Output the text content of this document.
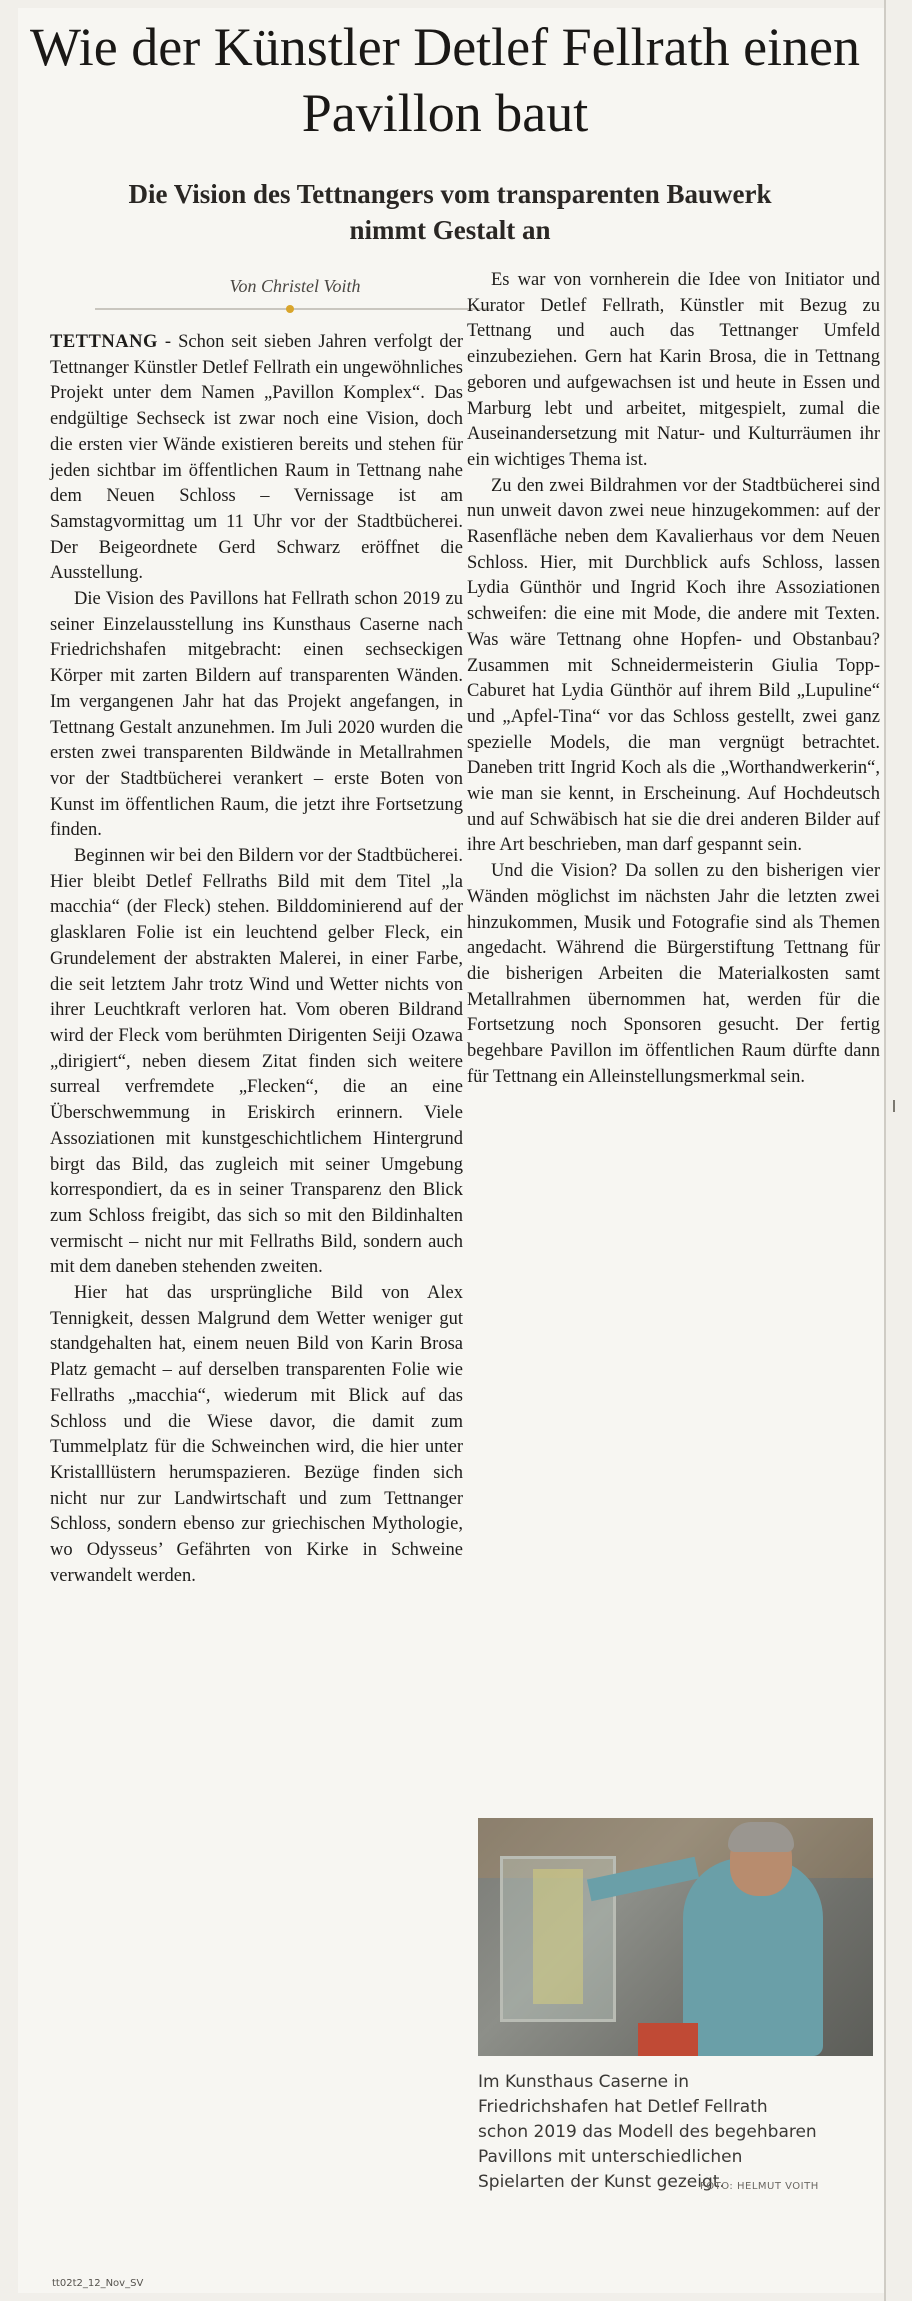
Wie der Künstler Detlef Fellrath einen Pavillon baut
Die Vision des Tettnangers vom transparenten Bauwerk nimmt Gestalt an
Von Christel Voith

TETTNANG - Schon seit sieben Jahren verfolgt der Tettnanger Künstler Detlef Fellrath ein ungewöhnliches Projekt unter dem Namen „Pavillon Komplex“. Das endgültige Sechseck ist zwar noch eine Vision, doch die ersten vier Wände existieren bereits und stehen für jeden sichtbar im öffentlichen Raum in Tettnang nahe dem Neuen Schloss – Vernissage ist am Samstagvormittag um 11 Uhr vor der Stadtbücherei. Der Beigeordnete Gerd Schwarz eröffnet die Ausstellung.

Die Vision des Pavillons hat Fellrath schon 2019 zu seiner Einzelausstellung ins Kunsthaus Caserne nach Friedrichshafen mitgebracht: einen sechseckigen Körper mit zarten Bildern auf transparenten Wänden. Im vergangenen Jahr hat das Projekt angefangen, in Tettnang Gestalt anzunehmen. Im Juli 2020 wurden die ersten zwei transparenten Bildwände in Metallrahmen vor der Stadtbücherei verankert – erste Boten von Kunst im öffentlichen Raum, die jetzt ihre Fortsetzung finden.

Beginnen wir bei den Bildern vor der Stadtbücherei. Hier bleibt Detlef Fellraths Bild mit dem Titel „la macchia“ (der Fleck) stehen. Bilddominierend auf der glasklaren Folie ist ein leuchtend gelber Fleck, ein Grundelement der abstrakten Malerei, in einer Farbe, die seit letztem Jahr trotz Wind und Wetter nichts von ihrer Leuchtkraft verloren hat. Vom oberen Bildrand wird der Fleck vom berühmten Dirigenten Seiji Ozawa „dirigiert“, neben diesem Zitat finden sich weitere surreal verfremdete „Flecken“, die an eine Überschwemmung in Eriskirch erinnern. Viele Assoziationen mit kunstgeschichtlichem Hintergrund birgt das Bild, das zugleich mit seiner Umgebung korrespondiert, da es in seiner Transparenz den Blick zum Schloss freigibt, das sich so mit den Bildinhalten vermischt – nicht nur mit Fellraths Bild, sondern auch mit dem daneben stehenden zweiten.

Hier hat das ursprüngliche Bild von Alex Tennigkeit, dessen Malgrund dem Wetter weniger gut standgehalten hat, einem neuen Bild von Karin Brosa Platz gemacht – auf derselben transparenten Folie wie Fellraths „macchia“, wiederum mit Blick auf das Schloss und die Wiese davor, die damit zum Tummelplatz für die Schweinchen wird, die hier unter Kristalllüstern herumspazieren. Bezüge finden sich nicht nur zur Landwirtschaft und zum Tettnanger Schloss, sondern ebenso zur griechischen Mythologie, wo Odysseus’ Gefährten von Kirke in Schweine verwandelt werden.

Es war von vornherein die Idee von Initiator und Kurator Detlef Fellrath, Künstler mit Bezug zu Tettnang und auch das Tettnanger Umfeld einzubeziehen. Gern hat Karin Brosa, die in Tettnang geboren und aufgewachsen ist und heute in Essen und Marburg lebt und arbeitet, mitgespielt, zumal die Auseinandersetzung mit Natur- und Kulturräumen ihr ein wichtiges Thema ist.

Zu den zwei Bildrahmen vor der Stadtbücherei sind nun unweit davon zwei neue hinzugekommen: auf der Rasenfläche neben dem Kavalierhaus vor dem Neuen Schloss. Hier, mit Durchblick aufs Schloss, lassen Lydia Günthör und Ingrid Koch ihre Assoziationen schweifen: die eine mit Mode, die andere mit Texten. Was wäre Tettnang ohne Hopfen- und Obstanbau? Zusammen mit Schneidermeisterin Giulia Topp-Caburet hat Lydia Günthör auf ihrem Bild „Lupuline“ und „Apfel-Tina“ vor das Schloss gestellt, zwei ganz spezielle Models, die man vergnügt betrachtet. Daneben tritt Ingrid Koch als die „Worthandwerkerin“, wie man sie kennt, in Erscheinung. Auf Hochdeutsch und auf Schwäbisch hat sie die drei anderen Bilder auf ihre Art beschrieben, man darf gespannt sein.

Und die Vision? Da sollen zu den bisherigen vier Wänden möglichst im nächsten Jahr die letzten zwei hinzukommen, Musik und Fotografie sind als Themen angedacht. Während die Bürgerstiftung Tettnang für die bisherigen Arbeiten die Materialkosten samt Metallrahmen übernommen hat, werden für die Fortsetzung noch Sponsoren gesucht. Der fertig begehbare Pavillon im öffentlichen Raum dürfte dann für Tettnang ein Alleinstellungsmerkmal sein.

Im Kunsthaus Caserne in Friedrichshafen hat Detlef Fellrath schon 2019 das Modell des begehbaren Pavillons mit unterschiedlichen Spielarten der Kunst gezeigt.
FOTO: HELMUT VOITH
tt02t2_12_Nov_SV
